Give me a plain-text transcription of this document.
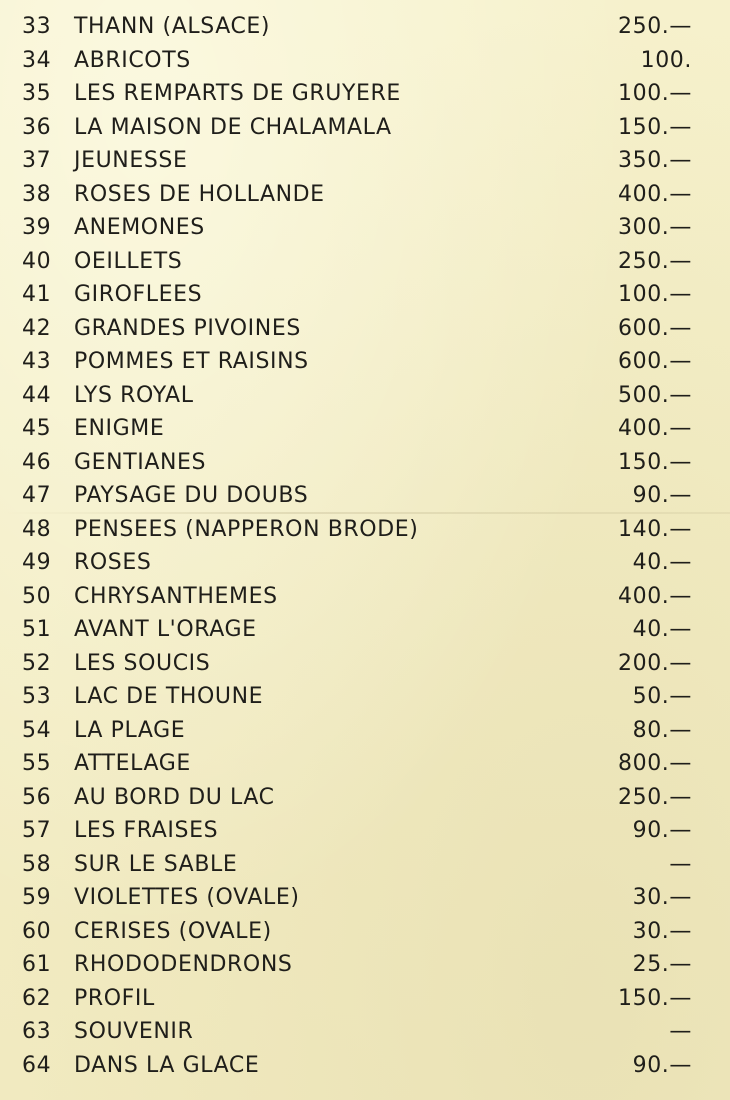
33	THANN (ALSACE)	250.—
34	ABRICOTS	100.
35	LES REMPARTS DE GRUYERE	100.—
36	LA MAISON DE CHALAMALA	150.—
37	JEUNESSE	350.—
38	ROSES DE HOLLANDE	400.—
39	ANEMONES	300.—
40	OEILLETS	250.—
41	GIROFLEES	100.—
42	GRANDES PIVOINES	600.—
43	POMMES ET RAISINS	600.—
44	LYS ROYAL	500.—
45	ENIGME	400.—
46	GENTIANES	150.—
47	PAYSAGE DU DOUBS	90.—
48	PENSEES (NAPPERON BRODE)	140.—
49	ROSES	40.—
50	CHRYSANTHEMES	400.—
51	AVANT L'ORAGE	40.—
52	LES SOUCIS	200.—
53	LAC DE THOUNE	50.—
54	LA PLAGE	80.—
55	ATTELAGE	800.—
56	AU BORD DU LAC	250.—
57	LES FRAISES	90.—
58	SUR LE SABLE	—
59	VIOLETTES (OVALE)	30.—
60	CERISES (OVALE)	30.—
61	RHODODENDRONS	25.—
62	PROFIL	150.—
63	SOUVENIR	—
64	DANS LA GLACE	90.—
